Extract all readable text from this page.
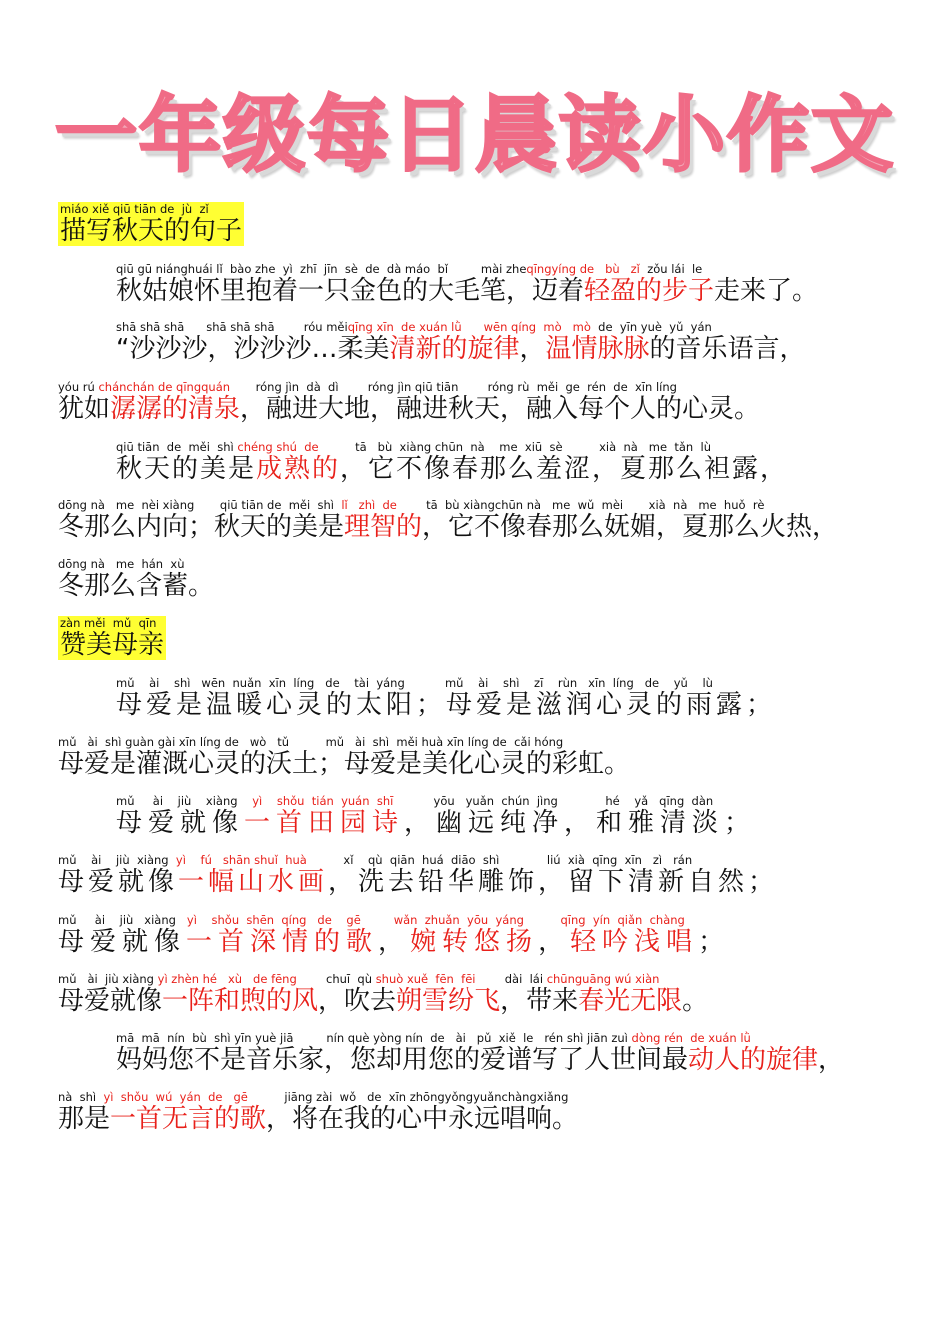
一年级每日晨读小作文
miáo xiě qiū tiān de  jù  zǐ
描写秋天的句子
qiū gū niánghuái lǐ  bào zhe  yì  zhī  jīn  sè  de  dà máo  bǐ         mài zheqīngyíng de   bù   zǐ  zǒu lái  le
秋姑娘怀里抱着一只金色的大毛笔，迈着轻盈的步子走来了。
shā shā shā      shā shā shā        róu měiqīng xīn  de xuán lǜ      wēn qíng  mò   mò  de  yīn yuè  yǔ  yán
“沙沙沙，沙沙沙…柔美清新的旋律，温情脉脉的音乐语言，
yóu rú chánchán de qīngquán       róng jìn  dà  dì        róng jìn qiū tiān        róng rù  měi  ge  rén  de  xīn líng
犹如潺潺的清泉，融进大地，融进秋天，融入每个人的心灵。
qiū tiān  de  měi  shì chéng shú  de          tā   bù  xiàng chūn  nà    me  xiū  sè          xià  nà   me  tǎn  lù
秋天的美是成熟的，它不像春那么羞涩，夏那么袒露，
dōng nà   me  nèi xiàng       qiū tiān de  měi  shì  lǐ   zhì  de        tā  bù xiàngchūn nà   me  wǔ  mèi       xià  nà   me  huǒ  rè
冬那么内向；秋天的美是理智的，它不像春那么妩媚，夏那么火热，
dōng nà   me  hán  xù
冬那么含蓄。
zàn měi  mǔ  qīn
赞美母亲
mǔ    ài    shì   wēn  nuǎn  xīn  líng   de    tài  yáng           mǔ    ài    shì    zī    rùn   xīn  líng   de    yǔ    lù
母爱是温暖心灵的太阳；母爱是滋润心灵的雨露；
mǔ   ài  shì guàn gài xīn líng de   wò   tǔ          mǔ   ài  shì  měi huà xīn líng de  cǎi hóng
母爱是灌溉心灵的沃土；母爱是美化心灵的彩虹。
mǔ     ài    jiù    xiàng    yì    shǒu  tián  yuán  shī           yōu   yuǎn  chún  jìng             hé    yǎ   qīng  dàn
母爱就像一首田园诗，幽远纯净，和雅清淡；
mǔ    ài    jiù  xiàng  yì    fú   shān shuǐ  huà          xǐ    qù  qiān  huá  diāo  shì             liú  xià  qīng  xīn   zì   rán
母爱就像一幅山水画，洗去铅华雕饰，留下清新自然；
mǔ     ài    jiù   xiàng   yì    shǒu  shēn  qíng   de    gē         wǎn  zhuǎn  yōu  yáng          qīng  yín  qiǎn  chàng
母爱就像一首深情的歌，婉转悠扬，轻吟浅唱；
mǔ   ài  jiù xiàng yì zhèn hé   xù   de fēng        chuī  qù shuò xuě  fēn  fēi        dài  lái chūnguāng wú xiàn
母爱就像一阵和煦的风，吹去朔雪纷飞，带来春光无限。
mā  mā  nín  bù  shì yīn yuè jiā         nín què yòng nín  de   ài   pǔ  xiě  le   rén shì jiān zuì dòng rén  de xuán lǜ
妈妈您不是音乐家，您却用您的爱谱写了人世间最动人的旋律，
nà  shì  yì  shǒu  wú  yán  de   gē          jiāng zài  wǒ   de  xīn zhōngyǒngyuǎnchàngxiǎng
那是一首无言的歌，将在我的心中永远唱响。
